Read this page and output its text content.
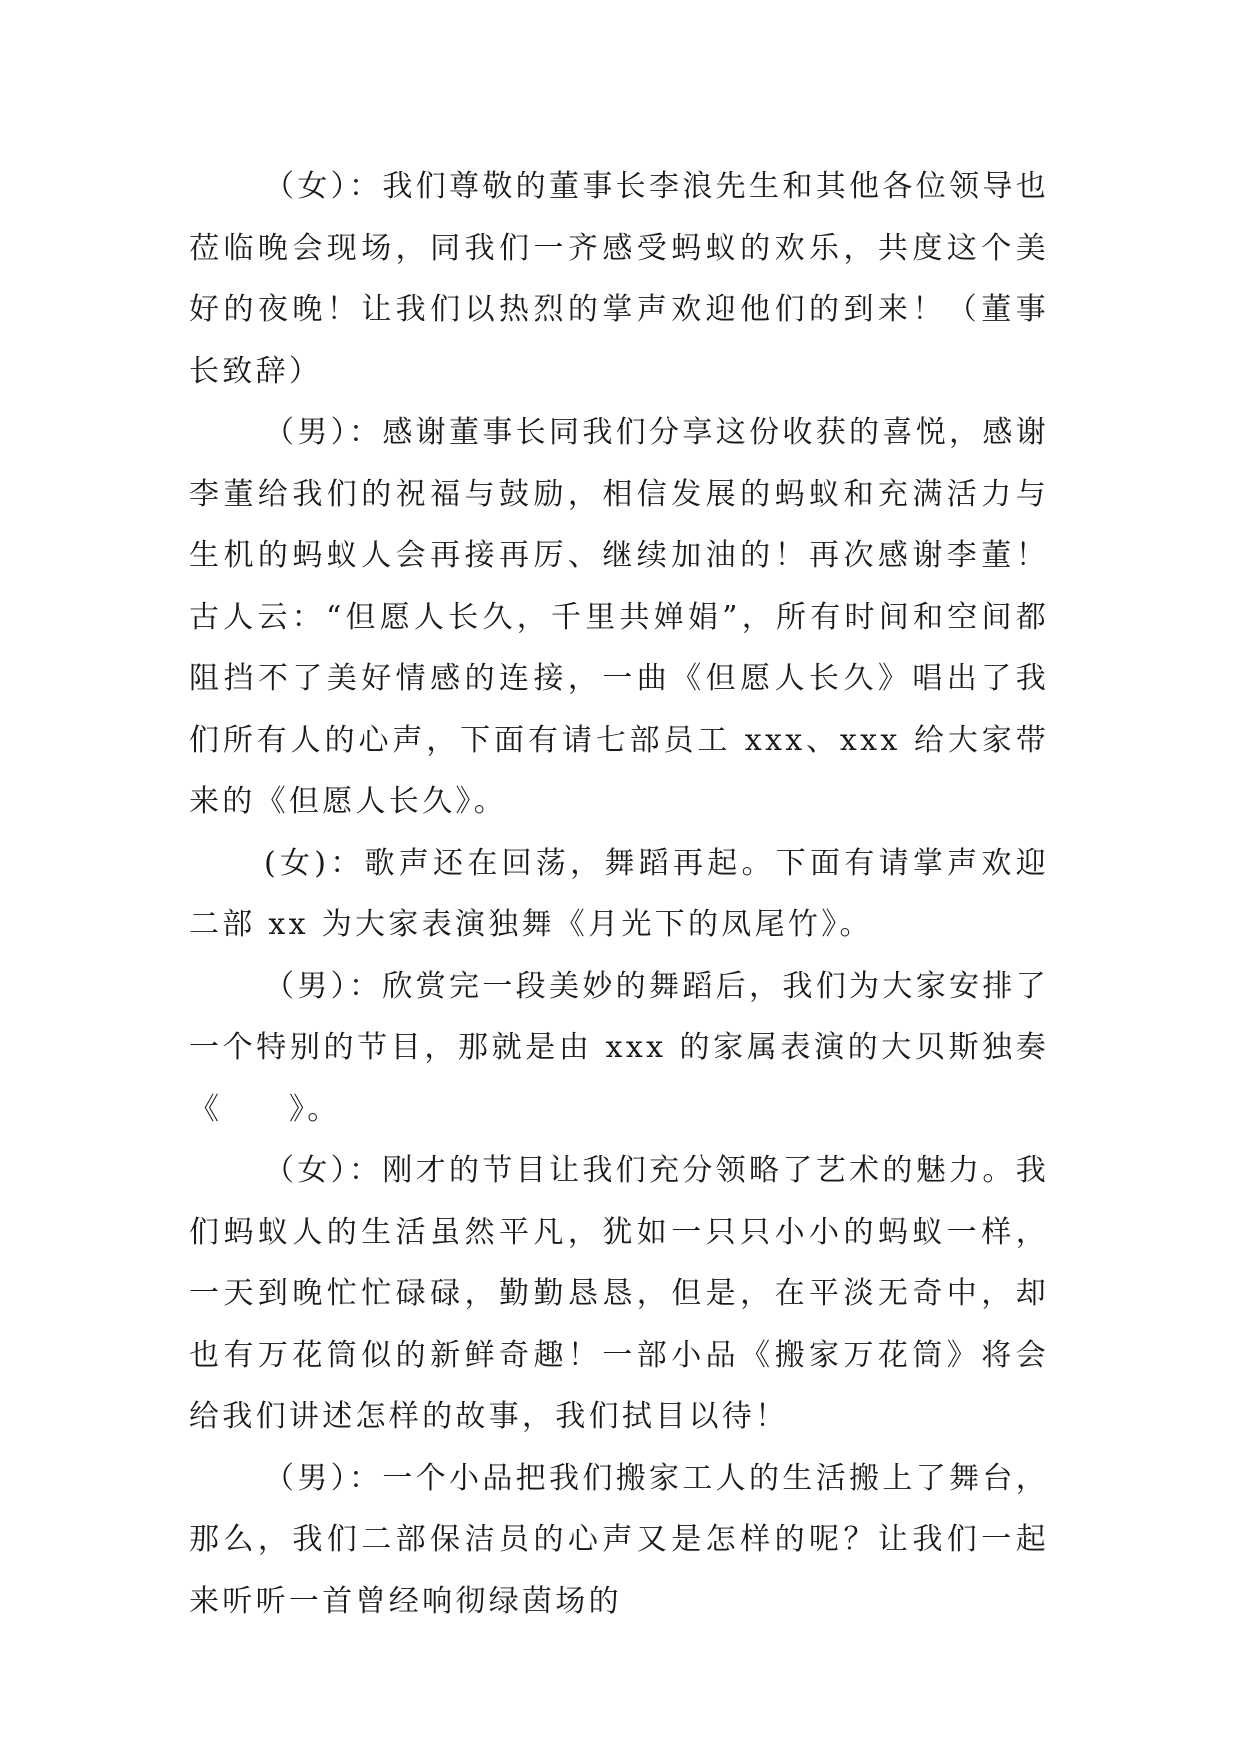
（女）：我们尊敬的董事长李浪先生和其他各位领导也莅临晚会现场，同我们一齐感受蚂蚁的欢乐，共度这个美好的夜晚！让我们以热烈的掌声欢迎他们的到来！（董事长致辞）

（男）：感谢董事长同我们分享这份收获的喜悦，感谢李董给我们的祝福与鼓励，相信发展的蚂蚁和充满活力与生机的蚂蚁人会再接再厉、继续加油的！再次感谢李董！古人云：“但愿人长久，千里共婵娟”，所有时间和空间都阻挡不了美好情感的连接，一曲《但愿人长久》唱出了我们所有人的心声，下面有请七部员工 xxx、xxx 给大家带来的《但愿人长久》。

(女)：歌声还在回荡，舞蹈再起。下面有请掌声欢迎二部 xx 为大家表演独舞《月光下的凤尾竹》。

（男）：欣赏完一段美妙的舞蹈后，我们为大家安排了一个特别的节目，那就是由 xxx 的家属表演的大贝斯独奏《　　》。

（女）：刚才的节目让我们充分领略了艺术的魅力。我们蚂蚁人的生活虽然平凡，犹如一只只小小的蚂蚁一样，一天到晚忙忙碌碌，勤勤恳恳，但是，在平淡无奇中，却也有万花筒似的新鲜奇趣！一部小品《搬家万花筒》将会给我们讲述怎样的故事，我们拭目以待！

（男）：一个小品把我们搬家工人的生活搬上了舞台，那么，我们二部保洁员的心声又是怎样的呢？让我们一起来听听一首曾经响彻绿茵场的
